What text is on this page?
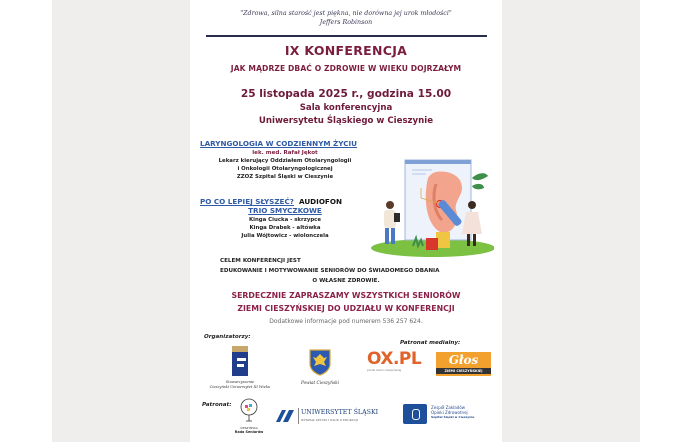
"Zdrowa, silna starość jest piękna, nie dorówna jej urok młodości"
Jeffers Robinson
IX KONFERENCJA
JAK MĄDRZE DBAĆ O ZDROWIE W WIEKU DOJRZAŁYM
25 listopada 2025 r., godzina 15.00
Sala konferencyjna
Uniwersytetu Śląskiego w Cieszynie
LARYNGOLOGIA W CODZIENNYM ŻYCIU
lek. med. Rafał Jękot
Lekarz kierujący Oddziałem Otolaryngologii
i Onkologii Otolaryngologicznej
ZZOZ Szpital Śląski w Cieszynie
PO CO LEPIEJ SŁYSZEĆ? AUDIOFON
TRIO SMYCZKOWE
Kinga Ciucka - skrzypce
Kinga Drabek - altówka
Julia Wójtowicz - wiolonczela
CELEM KONFERENCJI JEST
EDUKOWANIE I MOTYWOWANIE SENIORÓW DO ŚWIADOMEGO DBANIA
O WŁASNE ZDROWIE.
SERDECZNIE ZAPRASZAMY WSZYSTKICH SENIORÓW
ZIEMI CIESZYŃSKIEJ DO UDZIAŁU W KONFERENCJI
Dodatkowe informacje pod numerem 536 257 624.
Organizatorzy:
Stowarzyszenie
Cieszyński Uniwersytet III Wieku
Powiat Cieszyński
Patronat medialny:
OX.PL
portal ziemi cieszyńskiej
Głos
ZIEMI CIESZYŃSKIEJ
Patronat:
CIESZYŃSKA
Rada Seniorów
UNIWERSYTET ŚLĄSKI
WYDZIAŁ SZTUKI I NAUK O EDUKACJI
Zespół Zakładów
Opieki Zdrowotnej
Szpital Śląski w Cieszynie
